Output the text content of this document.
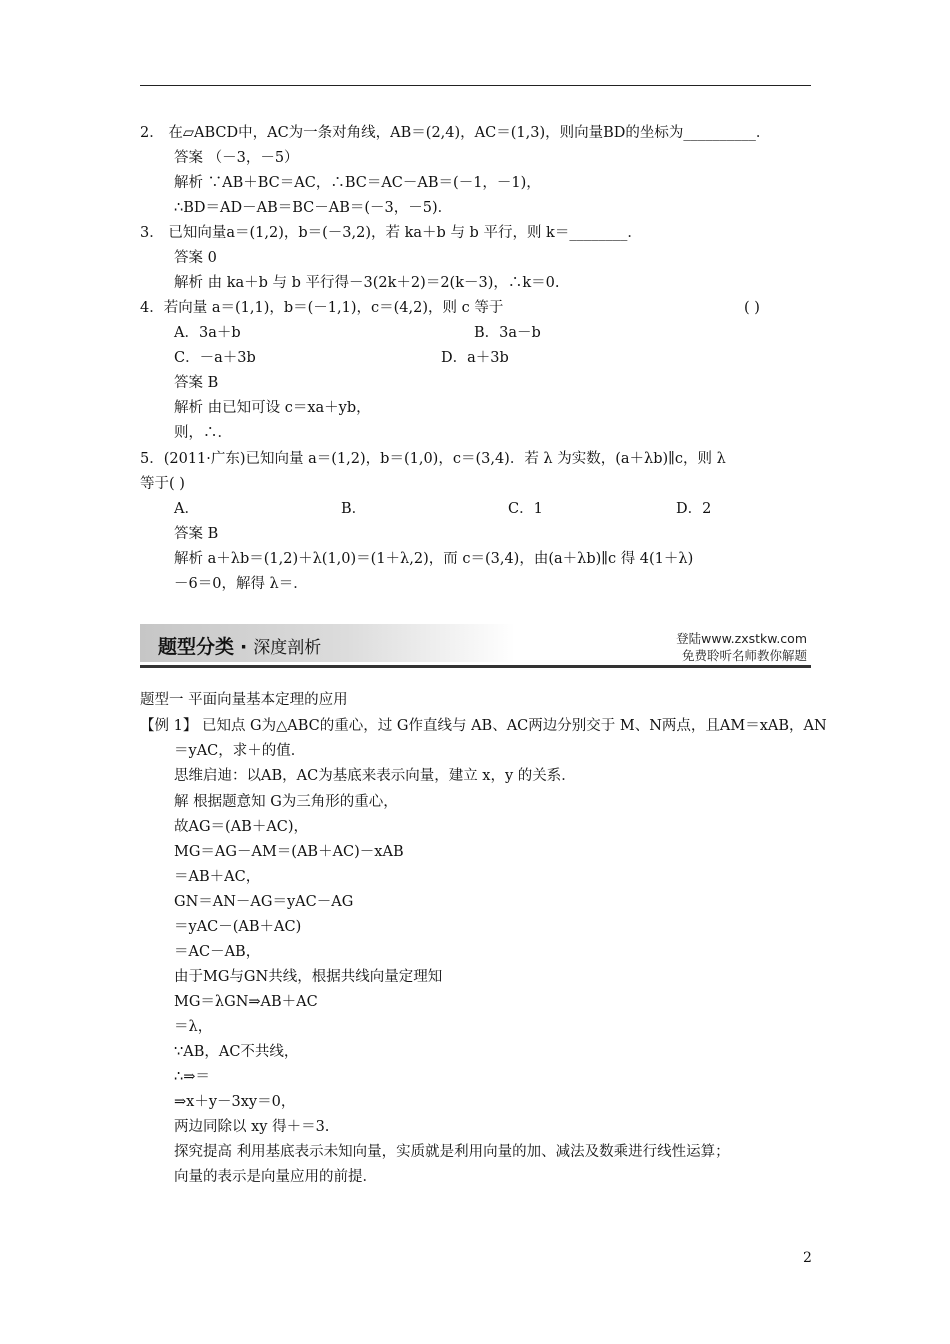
2． 在▱ABCD中，AC为一条对角线，AB＝(2,4)，AC＝(1,3)，则向量BD的坐标为__________．
答案 （－3，－5）
解析 ∵AB＋BC＝AC，∴BC＝AC－AB＝(－1，－1)，
∴BD＝AD－AB＝BC－AB＝(－3，－5)．
3． 已知向量a＝(1,2)，b＝(－3,2)，若 ka＋b 与 b 平行，则 k＝________．
答案 0
解析 由 ka＋b 与 b 平行得－3(2k＋2)＝2(k－3)，∴k＝0.
4．若向量 a＝(1,1)，b＝(－1,1)，c＝(4,2)，则 c 等于	( )
A．3a＋b	B．3a－b
C．－a＋3b	D．a＋3b
答案 B
解析 由已知可设 c＝xa＋yb，
则，∴．
5．(2011·广东)已知向量 a＝(1,2)，b＝(1,0)，c＝(3,4)．若 λ 为实数，(a＋λb)∥c，则 λ
等于( )
A．	B．	C．1	D．2
答案 B
解析 a＋λb＝(1,2)＋λ(1,0)＝(1＋λ,2)，而 c＝(3,4)，由(a＋λb)∥c 得 4(1＋λ)
－6＝0，解得 λ＝．
题型一 平面向量基本定理的应用
【例 1】 已知点 G为△ABC的重心，过 G作直线与 AB、AC两边分别交于 M、N两点，且AM＝xAB，AN
＝yAC，求＋的值．
思维启迪：以AB，AC为基底来表示向量，建立 x，y 的关系．
解 根据题意知 G为三角形的重心，
故AG＝(AB＋AC)，
MG＝AG－AM＝(AB＋AC)－xAB
＝AB＋AC，
GN＝AN－AG＝yAC－AG
＝yAC－(AB＋AC)
＝AC－AB，
由于MG与GN共线，根据共线向量定理知
MG＝λGN⇒AB＋AC
＝λ，
∵AB，AC不共线，
∴⇒＝
⇒x＋y－3xy＝0，
两边同除以 xy 得＋＝3.
探究提高 利用基底表示未知向量，实质就是利用向量的加、减法及数乘进行线性运算；
向量的表示是向量应用的前提．
题型分类 · 深度剖析	登陆www.zxstkw.com
免费聆听名师教你解题
2
